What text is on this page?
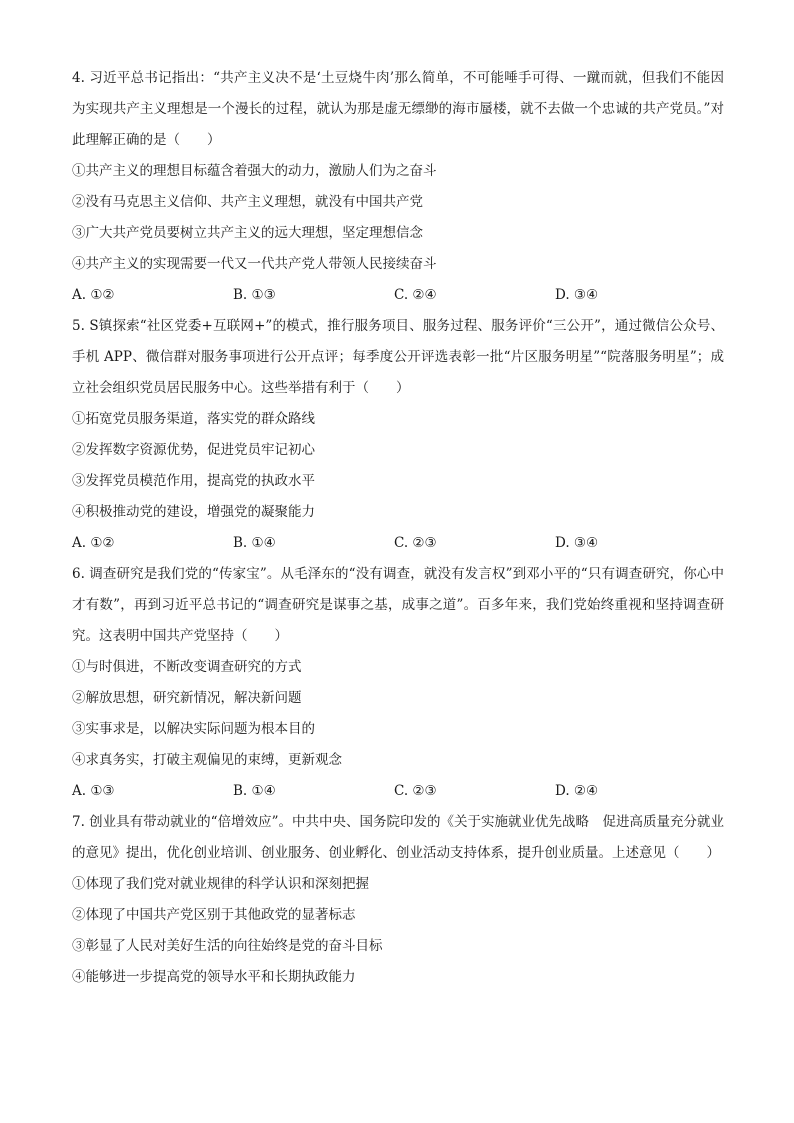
4. 习近平总书记指出：“共产主义决不是‘土豆烧牛肉’那么简单，不可能唾手可得、一蹴而就，但我们不能因为实现共产主义理想是一个漫长的过程，就认为那是虚无缥缈的海市蜃楼，就不去做一个忠诚的共产党员。”对此理解正确的是（　　）

①共产主义的理想目标蕴含着强大的动力，激励人们为之奋斗

②没有马克思主义信仰、共产主义理想，就没有中国共产党

③广大共产党员要树立共产主义的远大理想，坚定理想信念

④共产主义的实现需要一代又一代共产党人带领人民接续奋斗

A. ①②	B. ①③	C. ②④	D. ③④

5. S镇探索“社区党委+互联网+”的模式，推行服务项目、服务过程、服务评价“三公开”，通过微信公众号、手机 APP、微信群对服务事项进行公开点评；每季度公开评选表彰一批“片区服务明星”“院落服务明星”；成立社会组织党员居民服务中心。这些举措有利于（　　）

①拓宽党员服务渠道，落实党的群众路线

②发挥数字资源优势，促进党员牢记初心

③发挥党员模范作用，提高党的执政水平

④积极推动党的建设，增强党的凝聚能力

A. ①②	B. ①④	C. ②③	D. ③④

6. 调查研究是我们党的“传家宝”。从毛泽东的“没有调查，就没有发言权”到邓小平的“只有调查研究，你心中才有数”，再到习近平总书记的“调查研究是谋事之基，成事之道”。百多年来，我们党始终重视和坚持调查研究。这表明中国共产党坚持（　　）

①与时俱进，不断改变调查研究的方式

②解放思想，研究新情况，解决新问题

③实事求是，以解决实际问题为根本目的

④求真务实，打破主观偏见的束缚，更新观念

A. ①③	B. ①④	C. ②③	D. ②④

7. 创业具有带动就业的“倍增效应”。中共中央、国务院印发的《关于实施就业优先战略　促进高质量充分就业的意见》提出，优化创业培训、创业服务、创业孵化、创业活动支持体系，提升创业质量。上述意见（　　）

①体现了我们党对就业规律的科学认识和深刻把握

②体现了中国共产党区别于其他政党的显著标志

③彰显了人民对美好生活的向往始终是党的奋斗目标

④能够进一步提高党的领导水平和长期执政能力
